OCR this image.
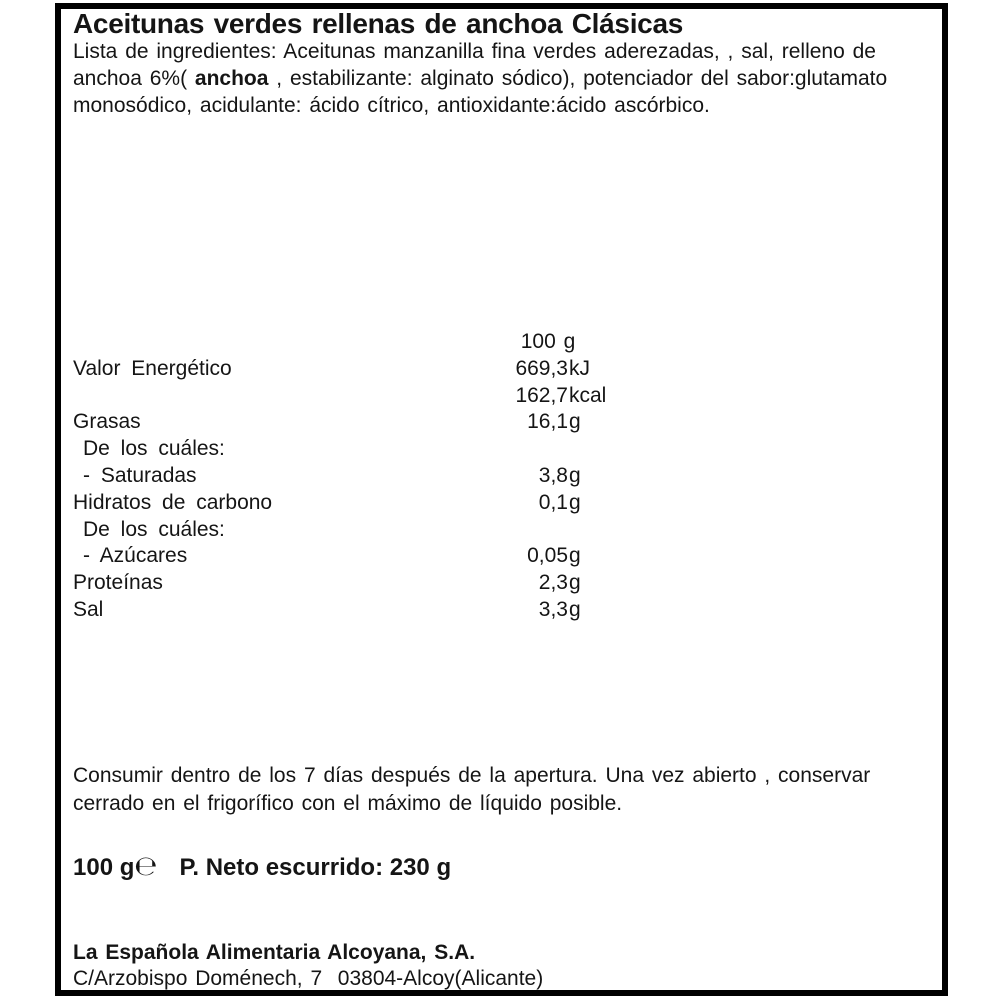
Aceitunas verdes rellenas de anchoa Clásicas
Lista de ingredientes: Aceitunas manzanilla fina verdes aderezadas, , sal, relleno de anchoa 6%( anchoa , estabilizante: alginato sódico), potenciador del sabor:glutamato monosódico, acidulante: ácido cítrico, antioxidante:ácido ascórbico.
100 g
Valor Energético	669,3 kJ
162,7 kcal
Grasas	16,1 g
De los cuáles:
- Saturadas	3,8 g
Hidratos de carbono	0,1 g
De los cuáles:
- Azúcares	0,05 g
Proteínas	2,3 g
Sal	3,3 g
Consumir dentro de los 7 días después de la apertura. Una vez abierto , conservar cerrado en el frigorífico con el máximo de líquido posible.
100 g℮ P. Neto escurrido: 230 g
La Española Alimentaria Alcoyana, S.A.
C/Arzobispo Doménech, 7  03804-Alcoy(Alicante)
